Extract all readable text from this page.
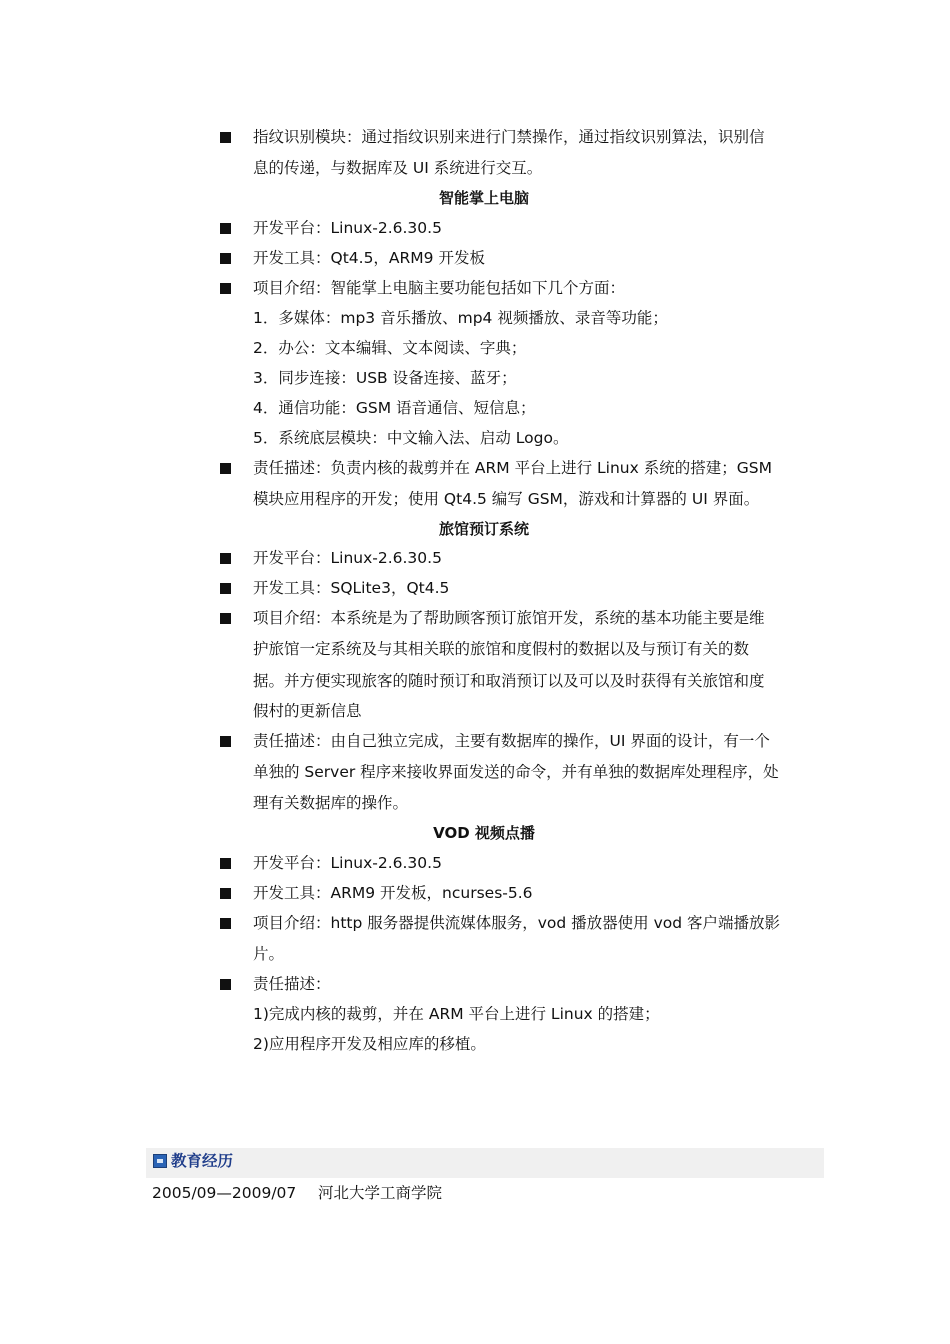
指纹识别模块：通过指纹识别来进行门禁操作，通过指纹识别算法，识别信
息的传递，与数据库及 UI 系统进行交互。
智能掌上电脑
开发平台：Linux-2.6.30.5
开发工具：Qt4.5，ARM9 开发板
项目介绍：智能掌上电脑主要功能包括如下几个方面：
1．多媒体：mp3 音乐播放、mp4 视频播放、录音等功能；
2．办公：文本编辑、文本阅读、字典；
3．同步连接：USB 设备连接、蓝牙；
4．通信功能：GSM 语音通信、短信息；
5．系统底层模块：中文输入法、启动 Logo。
责任描述：负责内核的裁剪并在 ARM 平台上进行 Linux 系统的搭建；GSM
模块应用程序的开发；使用 Qt4.5 编写 GSM，游戏和计算器的 UI 界面。
旅馆预订系统
开发平台：Linux-2.6.30.5
开发工具：SQLite3，Qt4.5
项目介绍：本系统是为了帮助顾客预订旅馆开发，系统的基本功能主要是维
护旅馆一定系统及与其相关联的旅馆和度假村的数据以及与预订有关的数
据。并方便实现旅客的随时预订和取消预订以及可以及时获得有关旅馆和度
假村的更新信息
责任描述：由自己独立完成，主要有数据库的操作，UI 界面的设计，有一个
单独的 Server 程序来接收界面发送的命令，并有单独的数据库处理程序，处
理有关数据库的操作。
VOD 视频点播
开发平台：Linux-2.6.30.5
开发工具：ARM9 开发板，ncurses-5.6
项目介绍：http 服务器提供流媒体服务，vod 播放器使用 vod 客户端播放影
片。
责任描述：
1)完成内核的裁剪，并在 ARM 平台上进行 Linux 的搭建；
2)应用程序开发及相应库的移植。
教育经历
2005/09—2009/07 河北大学工商学院
